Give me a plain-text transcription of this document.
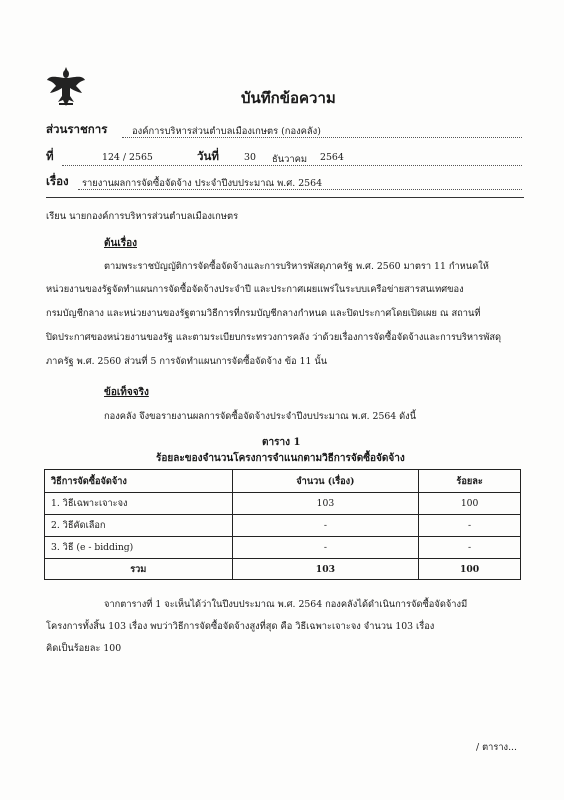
บันทึกข้อความ
ส่วนราชการ	องค์การบริหารส่วนตำบลเมืองเกษตร (กองคลัง)
ที่	124 / 2565	วันที่	30 ธันวาคม 2564
เรื่อง รายงานผลการจัดซื้อจัดจ้าง ประจำปีงบประมาณ พ.ศ. 2564
เรียน นายกองค์การบริหารส่วนตำบลเมืองเกษตร
ต้นเรื่อง
ตามพระราชบัญญัติการจัดซื้อจัดจ้างและการบริหารพัสดุภาครัฐ พ.ศ. 2560 มาตรา 11 กำหนดให้
หน่วยงานของรัฐจัดทำแผนการจัดซื้อจัดจ้างประจำปี และประกาศเผยแพร่ในระบบเครือข่ายสารสนเทศของ
กรมบัญชีกลาง และหน่วยงานของรัฐตามวิธีการที่กรมบัญชีกลางกำหนด และปิดประกาศโดยเปิดเผย ณ สถานที่
ปิดประกาศของหน่วยงานของรัฐ และตามระเบียบกระทรวงการคลัง ว่าด้วยเรื่องการจัดซื้อจัดจ้างและการบริหารพัสดุ
ภาครัฐ พ.ศ. 2560 ส่วนที่ 5 การจัดทำแผนการจัดซื้อจัดจ้าง ข้อ 11 นั้น
ข้อเท็จจริง
กองคลัง จึงขอรายงานผลการจัดซื้อจัดจ้างประจำปีงบประมาณ พ.ศ. 2564 ดังนี้
ตาราง 1
ร้อยละของจำนวนโครงการจำแนกตามวิธีการจัดซื้อจัดจ้าง
วิธีการจัดซื้อจัดจ้าง	จำนวน (เรื่อง)	ร้อยละ
1. วิธีเฉพาะเจาะจง	103	100
2. วิธีคัดเลือก	-	-
3. วิธี (e - bidding)	-	-
รวม	103	100
จากตารางที่ 1 จะเห็นได้ว่าในปีงบประมาณ พ.ศ. 2564 กองคลังได้ดำเนินการจัดซื้อจัดจ้างมี
โครงการทั้งสิ้น 103 เรื่อง พบว่าวิธีการจัดซื้อจัดจ้างสูงที่สุด คือ วิธีเฉพาะเจาะจง จำนวน 103 เรื่อง
คิดเป็นร้อยละ 100
/ ตาราง...
